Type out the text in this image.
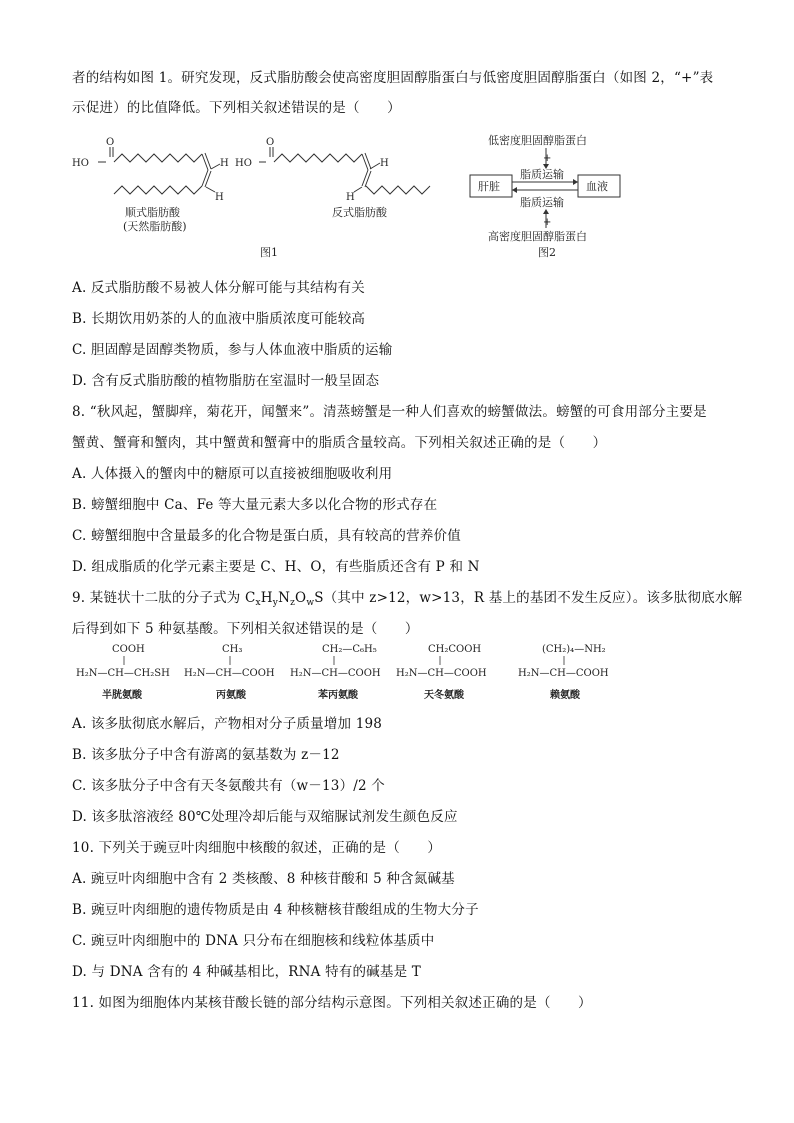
者的结构如图 1。研究发现，反式脂肪酸会使高密度胆固醇脂蛋白与低密度胆固醇脂蛋白（如图 2，“+”表
示促进）的比值降低。下列相关叙述错误的是（　　）
O
HO	H
H
O
HO	H
H
顺式脂肪酸
(天然脂肪酸)
反式脂肪酸
图1
低密度胆固醇脂蛋白
+
脂质运输
肝脏	血液
脂质运输
+
高密度胆固醇脂蛋白
图2
A. 反式脂肪酸不易被人体分解可能与其结构有关
B. 长期饮用奶茶的人的血液中脂质浓度可能较高
C. 胆固醇是固醇类物质，参与人体血液中脂质的运输
D. 含有反式脂肪酸的植物脂肪在室温时一般呈固态
8. “秋风起，蟹脚痒，菊花开，闻蟹来”。清蒸螃蟹是一种人们喜欢的螃蟹做法。螃蟹的可食用部分主要是
蟹黄、蟹膏和蟹肉，其中蟹黄和蟹膏中的脂质含量较高。下列相关叙述正确的是（　　）
A. 人体摄入的蟹肉中的糖原可以直接被细胞吸收利用
B. 螃蟹细胞中 Ca、Fe 等大量元素大多以化合物的形式存在
C. 螃蟹细胞中含量最多的化合物是蛋白质，具有较高的营养价值
D. 组成脂质的化学元素主要是 C、H、O，有些脂质还含有 P 和 N
9. 某链状十二肽的分子式为 $C_xH_yN_zO_wS$（其中 z>12，w>13，R 基上的基团不发生反应）。该多肽彻底水解
后得到如下 5 种氨基酸。下列相关叙述错误的是（　　）
COOH
H₂N—CH—CH₂SH
半胱氨酸
CH₃
H₂N—CH—COOH
丙氨酸
CH₂—C₆H₅
H₂N—CH—COOH
苯丙氨酸
CH₂COOH
H₂N—CH—COOH
天冬氨酸
(CH₂)₄—NH₂
H₂N—CH—COOH
赖氨酸
A. 该多肽彻底水解后，产物相对分子质量增加 198
B. 该多肽分子中含有游离的氨基数为 z－12
C. 该多肽分子中含有天冬氨酸共有（w－13）/2 个
D. 该多肽溶液经 80℃处理冷却后能与双缩脲试剂发生颜色反应
10. 下列关于豌豆叶肉细胞中核酸的叙述，正确的是（　　）
A. 豌豆叶肉细胞中含有 2 类核酸、8 种核苷酸和 5 种含氮碱基
B. 豌豆叶肉细胞的遗传物质是由 4 种核糖核苷酸组成的生物大分子
C. 豌豆叶肉细胞中的 DNA 只分布在细胞核和线粒体基质中
D. 与 DNA 含有的 4 种碱基相比，RNA 特有的碱基是 T
11. 如图为细胞体内某核苷酸长链的部分结构示意图。下列相关叙述正确的是（　　）
